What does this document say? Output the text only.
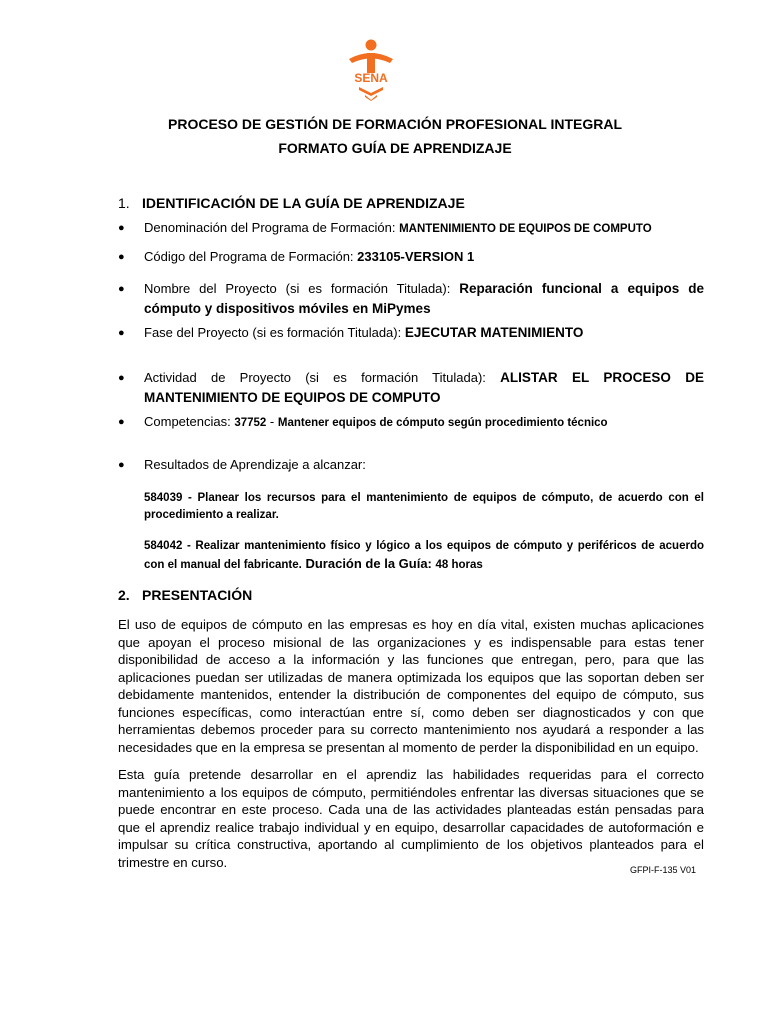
SENA
PROCESO DE GESTIÓN DE FORMACIÓN PROFESIONAL INTEGRAL
FORMATO GUÍA DE APRENDIZAJE
1. IDENTIFICACIÓN DE LA GUÍA DE APRENDIZAJE
● Denominación del Programa de Formación: MANTENIMIENTO DE EQUIPOS DE COMPUTO
● Código del Programa de Formación: 233105-VERSION 1
● Nombre del Proyecto (si es formación Titulada): Reparación funcional a equipos de cómputo y dispositivos móviles en MiPymes
● Fase del Proyecto (si es formación Titulada): EJECUTAR MATENIMIENTO
● Actividad de Proyecto (si es formación Titulada): ALISTAR EL PROCESO DE MANTENIMIENTO DE EQUIPOS DE COMPUTO
● Competencias: 37752 - Mantener equipos de cómputo según procedimiento técnico
● Resultados de Aprendizaje a alcanzar:
584039 - Planear los recursos para el mantenimiento de equipos de cómputo, de acuerdo con el procedimiento a realizar.
584042 - Realizar mantenimiento físico y lógico a los equipos de cómputo y periféricos de acuerdo con el manual del fabricante. Duración de la Guía: 48 horas
2. PRESENTACIÓN
El uso de equipos de cómputo en las empresas es hoy en día vital, existen muchas aplicaciones que apoyan el proceso misional de las organizaciones y es indispensable para estas tener disponibilidad de acceso a la información y las funciones que entregan, pero, para que las aplicaciones puedan ser utilizadas de manera optimizada los equipos que las soportan deben ser debidamente mantenidos, entender la distribución de componentes del equipo de cómputo, sus funciones específicas, como interactúan entre sí, como deben ser diagnosticados y con que herramientas debemos proceder para su correcto mantenimiento nos ayudará a responder a las necesidades que en la empresa se presentan al momento de perder la disponibilidad en un equipo.
Esta guía pretende desarrollar en el aprendiz las habilidades requeridas para el correcto mantenimiento a los equipos de cómputo, permitiéndoles enfrentar las diversas situaciones que se puede encontrar en este proceso. Cada una de las actividades planteadas están pensadas para que el aprendiz realice trabajo individual y en equipo, desarrollar capacidades de autoformación e impulsar su crítica constructiva, aportando al cumplimiento de los objetivos planteados para el trimestre en curso.
GFPI-F-135 V01
